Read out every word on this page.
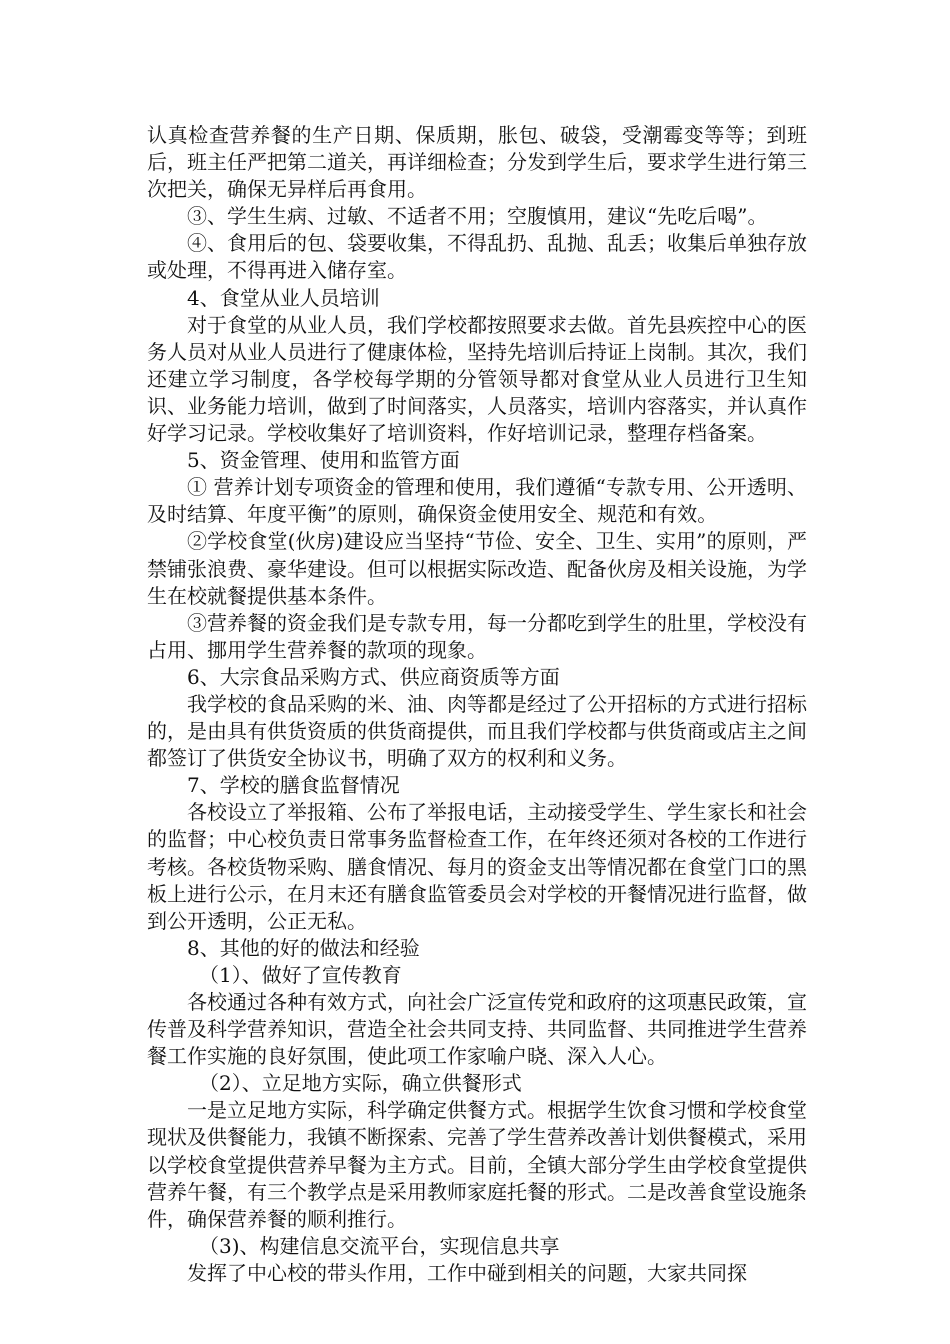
认真检查营养餐的生产日期、保质期，胀包、破袋，受潮霉变等等；到班后，班主任严把第二道关，再详细检查；分发到学生后，要求学生进行第三次把关，确保无异样后再食用。

③、学生生病、过敏、不适者不用；空腹慎用，建议“先吃后喝”。

④、食用后的包、袋要收集，不得乱扔、乱抛、乱丢；收集后单独存放或处理，不得再进入储存室。

4、食堂从业人员培训

对于食堂的从业人员，我们学校都按照要求去做。首先县疾控中心的医务人员对从业人员进行了健康体检，坚持先培训后持证上岗制。其次，我们还建立学习制度，各学校每学期的分管领导都对食堂从业人员进行卫生知识、业务能力培训，做到了时间落实，人员落实，培训内容落实，并认真作好学习记录。学校收集好了培训资料，作好培训记录，整理存档备案。

5、资金管理、使用和监管方面

① 营养计划专项资金的管理和使用，我们遵循“专款专用、公开透明、及时结算、年度平衡”的原则，确保资金使用安全、规范和有效。

②学校食堂(伙房)建设应当坚持“节俭、安全、卫生、实用”的原则，严禁铺张浪费、豪华建设。但可以根据实际改造、配备伙房及相关设施，为学生在校就餐提供基本条件。

③营养餐的资金我们是专款专用，每一分都吃到学生的肚里，学校没有占用、挪用学生营养餐的款项的现象。

6、大宗食品采购方式、供应商资质等方面

我学校的食品采购的米、油、肉等都是经过了公开招标的方式进行招标的，是由具有供货资质的供货商提供，而且我们学校都与供货商或店主之间都签订了供货安全协议书，明确了双方的权利和义务。

7、学校的膳食监督情况

各校设立了举报箱、公布了举报电话，主动接受学生、学生家长和社会的监督；中心校负责日常事务监督检查工作，在年终还须对各校的工作进行考核。各校货物采购、膳食情况、每月的资金支出等情况都在食堂门口的黑板上进行公示，在月末还有膳食监管委员会对学校的开餐情况进行监督，做到公开透明，公正无私。

8、其他的好的做法和经验

（1）、做好了宣传教育

各校通过各种有效方式，向社会广泛宣传党和政府的这项惠民政策，宣传普及科学营养知识，营造全社会共同支持、共同监督、共同推进学生营养餐工作实施的良好氛围，使此项工作家喻户晓、深入人心。

（2）、立足地方实际，确立供餐形式

一是立足地方实际，科学确定供餐方式。根据学生饮食习惯和学校食堂现状及供餐能力，我镇不断探索、完善了学生营养改善计划供餐模式，采用以学校食堂提供营养早餐为主方式。目前，全镇大部分学生由学校食堂提供营养午餐，有三个教学点是采用教师家庭托餐的形式。二是改善食堂设施条件，确保营养餐的顺利推行。

（3)、构建信息交流平台，实现信息共享

发挥了中心校的带头作用，工作中碰到相关的问题，大家共同探
